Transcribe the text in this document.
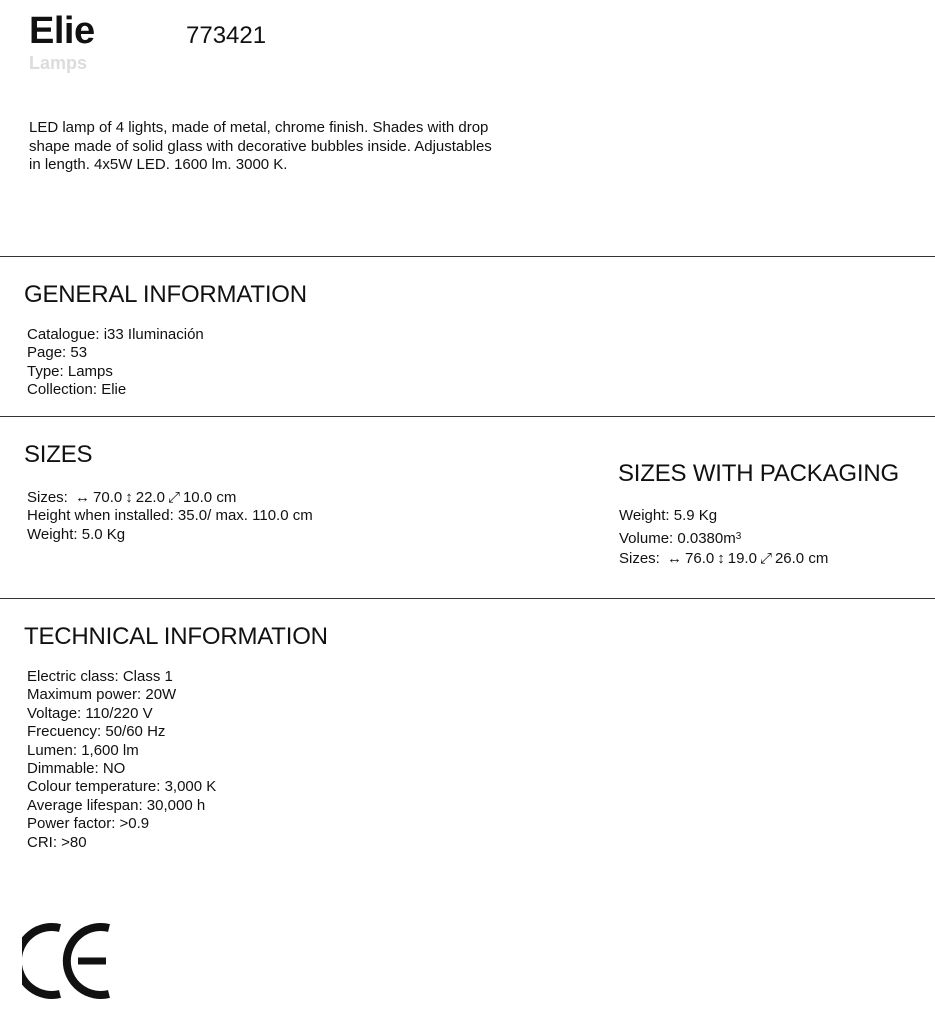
Elie	773421
Lamps
LED lamp of 4 lights, made of metal, chrome finish. Shades with drop shape made of solid glass with decorative bubbles inside. Adjustables in length. 4x5W LED. 1600 lm. 3000 K.
GENERAL INFORMATION
Catalogue: i33 Iluminación
Page: 53
Type: Lamps
Collection: Elie
SIZES
Sizes: ↔ 70.0 ↕ 22.0 ⤢ 10.0 cm
Height when installed: 35.0/ max. 110.0 cm
Weight: 5.0 Kg
SIZES WITH PACKAGING
Weight: 5.9 Kg
Volume: $0.0380m^3$
Sizes: ↔ 76.0 ↕ 19.0 ⤢ 26.0 cm
TECHNICAL INFORMATION
Electric class: Class 1
Maximum power: 20W
Voltage: 110/220 V
Frecuency: 50/60 Hz
Lumen: 1,600 lm
Dimmable: NO
Colour temperature: 3,000 K
Average lifespan: 30,000 h
Power factor: >0.9
CRI: >80
